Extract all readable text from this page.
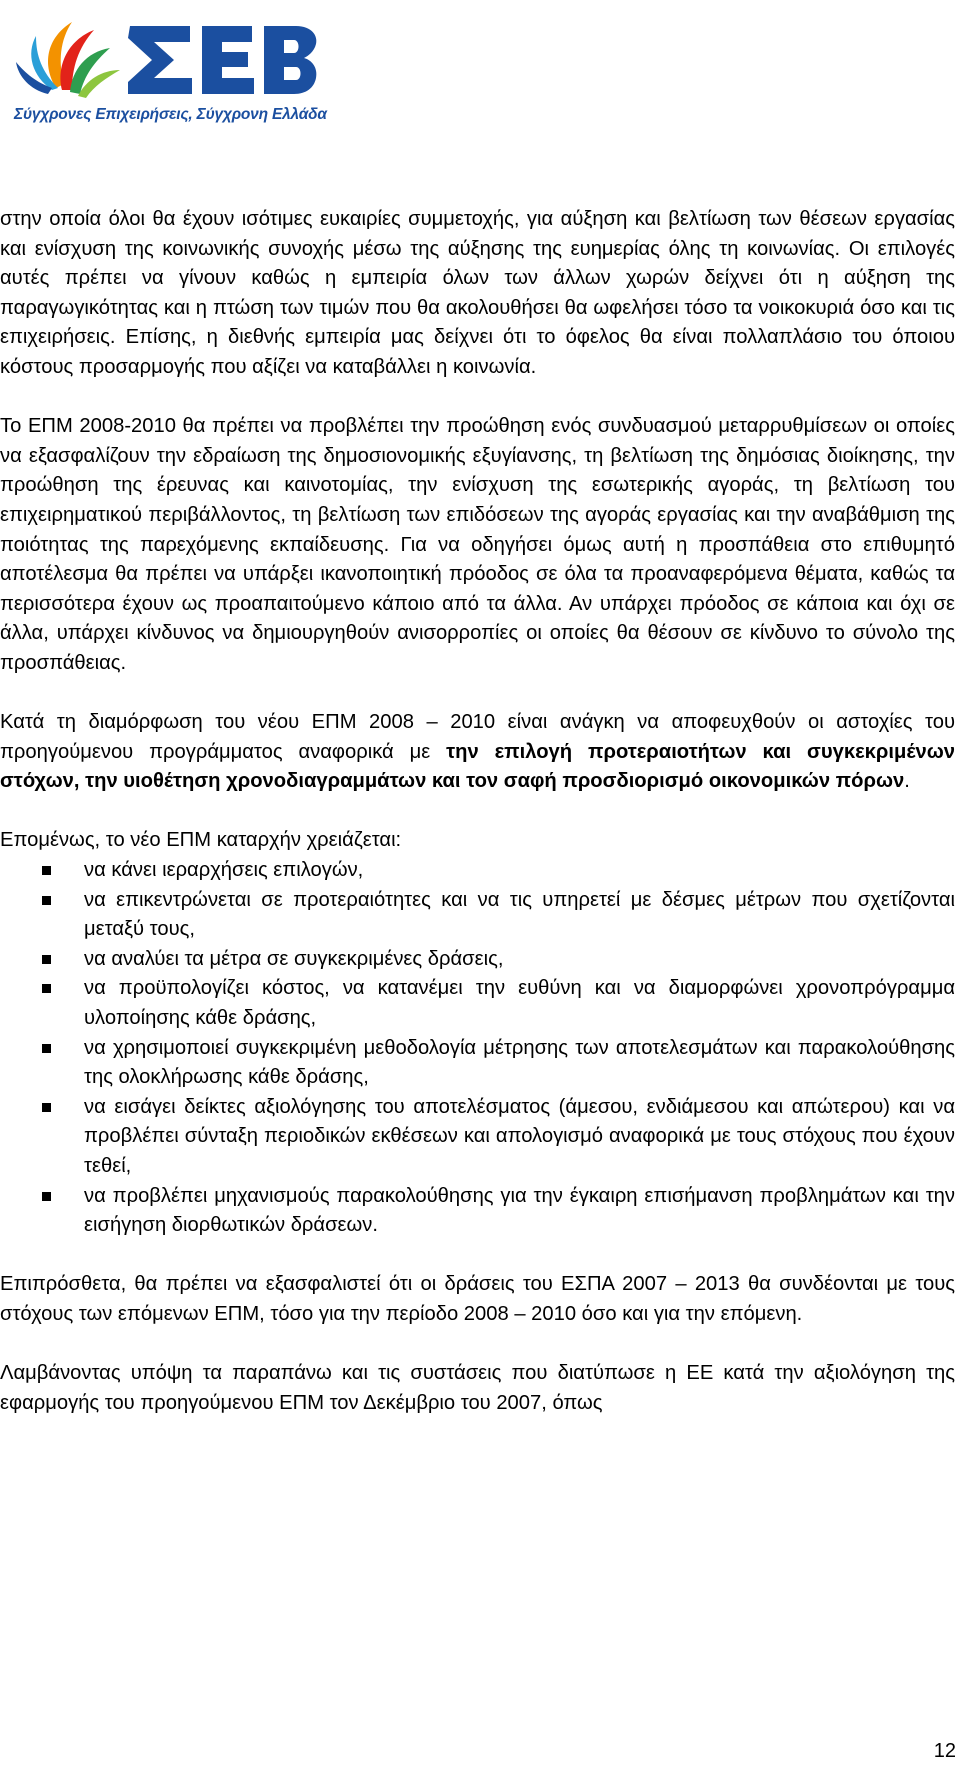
Σύγχρονες Επιχειρήσεις, Σύγχρονη Ελλάδα

στην οποία όλοι θα έχουν ισότιμες ευκαιρίες συμμετοχής, για αύξηση και βελτίωση των θέσεων εργασίας και ενίσχυση της κοινωνικής συνοχής μέσω της αύξησης της ευημερίας όλης τη κοινωνίας. Οι επιλογές αυτές πρέπει να γίνουν καθώς η εμπειρία όλων των άλλων χωρών δείχνει ότι η αύξηση της παραγωγικότητας και η πτώση των τιμών που θα ακολουθήσει θα ωφελήσει τόσο τα νοικοκυριά όσο και τις επιχειρήσεις. Επίσης, η διεθνής εμπειρία μας δείχνει ότι το όφελος θα είναι πολλαπλάσιο του όποιου κόστους προσαρμογής που αξίζει να καταβάλλει η κοινωνία.

Το ΕΠΜ 2008-2010 θα πρέπει να προβλέπει την προώθηση ενός συνδυασμού μεταρρυθμίσεων οι οποίες να εξασφαλίζουν την εδραίωση της δημοσιονομικής εξυγίανσης, τη βελτίωση της δημόσιας διοίκησης, την προώθηση της έρευνας και καινοτομίας, την ενίσχυση της εσωτερικής αγοράς, τη βελτίωση του επιχειρηματικού περιβάλλοντος, τη βελτίωση των επιδόσεων της αγοράς εργασίας και την αναβάθμιση της ποιότητας της παρεχόμενης εκπαίδευσης. Για να οδηγήσει όμως αυτή η προσπάθεια στο επιθυμητό αποτέλεσμα θα πρέπει να υπάρξει ικανοποιητική πρόοδος σε όλα τα προαναφερόμενα θέματα, καθώς τα περισσότερα έχουν ως προαπαιτούμενο κάποιο από τα άλλα. Αν υπάρχει πρόοδος σε κάποια και όχι σε άλλα, υπάρχει κίνδυνος να δημιουργηθούν ανισορροπίες οι οποίες θα θέσουν σε κίνδυνο το σύνολο της προσπάθειας.

Κατά τη διαμόρφωση του νέου ΕΠΜ 2008 – 2010 είναι ανάγκη να αποφευχθούν οι αστοχίες του προηγούμενου προγράμματος αναφορικά με την επιλογή προτεραιοτήτων και συγκεκριμένων στόχων, την υιοθέτηση χρονοδιαγραμμάτων και τον σαφή προσδιορισμό οικονομικών πόρων.

Επομένως, το νέο ΕΠΜ καταρχήν χρειάζεται:

να κάνει ιεραρχήσεις επιλογών,
να επικεντρώνεται σε προτεραιότητες και να τις υπηρετεί με δέσμες μέτρων που σχετίζονται μεταξύ τους,
να αναλύει τα μέτρα σε συγκεκριμένες δράσεις,
να προϋπολογίζει κόστος, να κατανέμει την ευθύνη και να διαμορφώνει χρονοπρόγραμμα υλοποίησης κάθε δράσης,
να χρησιμοποιεί συγκεκριμένη μεθοδολογία μέτρησης των αποτελεσμάτων και παρακολούθησης της ολοκλήρωσης κάθε δράσης,
να εισάγει δείκτες αξιολόγησης του αποτελέσματος (άμεσου, ενδιάμεσου και απώτερου) και να προβλέπει σύνταξη περιοδικών εκθέσεων και απολογισμό αναφορικά με τους στόχους που έχουν τεθεί,
να προβλέπει μηχανισμούς παρακολούθησης για την έγκαιρη επισήμανση προβλημάτων και την εισήγηση διορθωτικών δράσεων.

Επιπρόσθετα, θα πρέπει να εξασφαλιστεί ότι οι δράσεις του ΕΣΠΑ 2007 – 2013 θα συνδέονται με τους στόχους των επόμενων ΕΠΜ, τόσο για την περίοδο 2008 – 2010 όσο και για την επόμενη.

Λαμβάνοντας υπόψη τα παραπάνω και τις συστάσεις που διατύπωσε η ΕΕ κατά την αξιολόγηση της εφαρμογής του προηγούμενου ΕΠΜ τον Δεκέμβριο του 2007, όπως

12
